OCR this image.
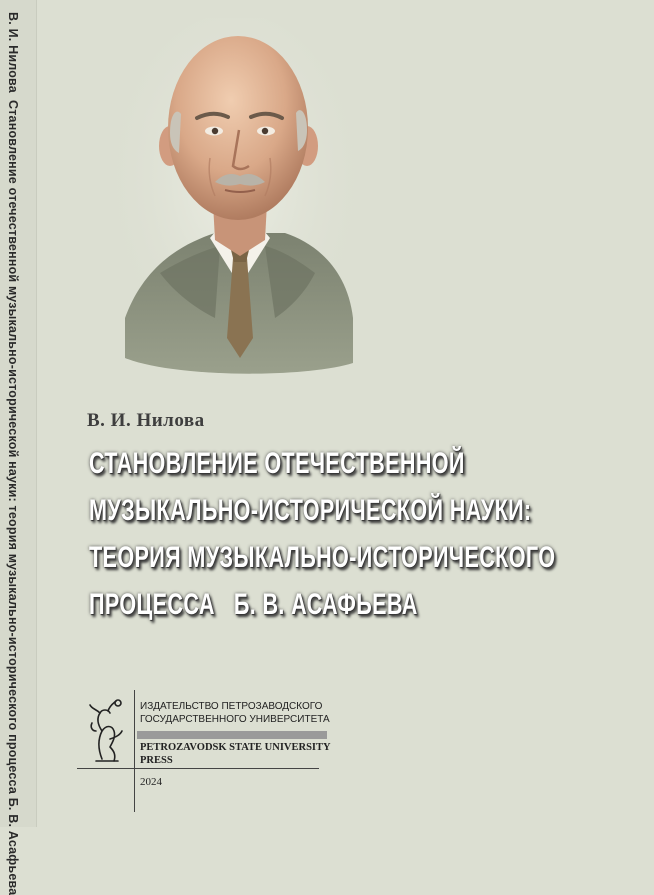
В. И. Нилова
Становление отечественной музыкально-исторической науки: теория музыкально-исторического процесса Б. В. Асафьева	В. И. Нилова
СТАНОВЛЕНИЕ ОТЕЧЕСТВЕННОЙ
МУЗЫКАЛЬНО-ИСТОРИЧЕСКОЙ НАУКИ:
ТЕОРИЯ МУЗЫКАЛЬНО-ИСТОРИЧЕСКОГО
ПРОЦЕССА   Б. В. АСАФЬЕВА
ИЗДАТЕЛЬСТВО ПЕТРОЗАВОДСКОГО
ГОСУДАРСТВЕННОГО УНИВЕРСИТЕТА
PETROZAVODSK STATE UNIVERSITY
PRESS
2024
